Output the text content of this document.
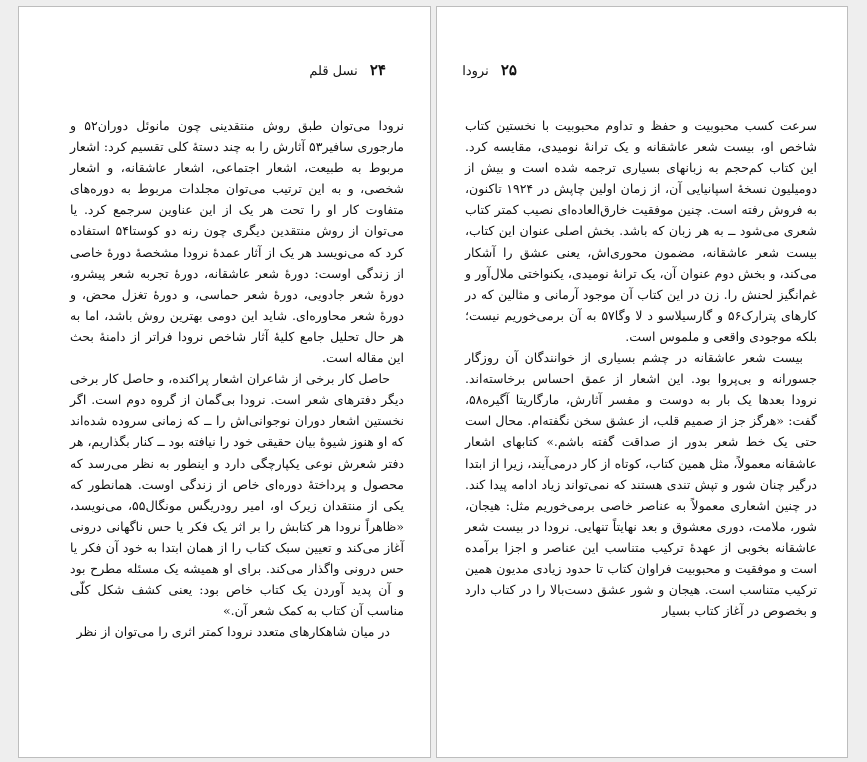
۲۴ نسل قلم

نرودا می‌توان طبق روش منتقدینی چون مانوئل دوران۵۲ و مارجوری سافیر۵۳ آثارش را به چند دستهٔ کلی تقسیم کرد: اشعار مربوط به طبیعت، اشعار اجتماعی، اشعار عاشقانه، و اشعار شخصی، و به این ترتیب می‌توان مجلدات مربوط به دوره‌های متفاوت کار او را تحت هر یک از این عناوین سرجمع کرد. یا می‌توان از روش منتقدین دیگری چون رنه دو کوستا۵۴ استفاده کرد که می‌نویسد هر یک از آثار عمدهٔ نرودا مشخصهٔ دورهٔ خاصی از زندگی اوست: دورهٔ شعر عاشقانه، دورهٔ تجربه شعر پیشرو، دورهٔ شعر جادویی، دورهٔ شعر حماسی، و دورهٔ تغزل محض، و دورهٔ شعر محاوره‌ای. شاید این دومی بهترین روش باشد، اما به هر حال تحلیل جامع کلیهٔ آثار شاخص نرودا فراتر از دامنهٔ بحث این مقاله است.

حاصل کار برخی از شاعران اشعار پراکنده، و حاصل کار برخی دیگر دفترهای شعر است. نرودا بی‌گمان از گروه دوم است. اگر نخستین اشعار دوران نوجوانی‌اش را ــ که زمانی سروده شده‌اند که او هنوز شیوهٔ بیان حقیقی خود را نیافته بود ــ کنار بگذاریم، هر دفتر شعرش نوعی یکپارچگی دارد و اینطور به نظر می‌رسد که محصول و پرداختهٔ دوره‌ای خاص از زندگی اوست. همانطور که یکی از منتقدان زیرک او، امیر رودریگس مونگال۵۵، می‌نویسد، «ظاهراً نرودا هر کتابش را بر اثر یک فکر یا حس ناگهانی درونی آغاز می‌کند و تعیین سبک کتاب را از همان ابتدا به خود آن فکر یا حس درونی واگذار می‌کند. برای او همیشه یک مسئله مطرح بود و آن پدید آوردن یک کتاب خاص بود: یعنی کشف شکل کلّی مناسب آن کتاب به کمک شعر آن.»

در میان شاهکارهای متعدد نرودا کمتر اثری را می‌توان از نظر

۲۵ نرودا

سرعت کسب محبوبیت و حفظ و تداوم محبوبیت با نخستین کتاب شاخص او، بیست شعر عاشقانه و یک ترانهٔ نومیدی، مقایسه کرد. این کتاب کم‌حجم به زبانهای بسیاری ترجمه شده است و بیش از دومیلیون نسخهٔ اسپانیایی آن، از زمان اولین چاپش در ۱۹۲۴ تاکنون، به فروش رفته است. چنین موفقیت خارق‌العاده‌ای نصیب کمتر کتاب شعری می‌شود ــ به هر زبان که باشد. بخش اصلی عنوان این کتاب، بیست شعر عاشقانه، مضمون محوری‌اش، یعنی عشق را آشکار می‌کند، و بخش دوم عنوان آن، یک ترانهٔ نومیدی، یکنواختی ملال‌آور و غم‌انگیز لحنش را. زن در این کتاب آن موجود آرمانی و مثالین که در کارهای پترارک۵۶ و گارسیلاسو د لا وگا۵۷ به آن برمی‌خوریم نیست؛ بلکه موجودی واقعی و ملموس است.

بیست شعر عاشقانه در چشم بسیاری از خوانندگان آن روزگار جسورانه و بی‌پروا بود. این اشعار از عمق احساس برخاسته‌اند. نرودا بعدها یک بار به دوست و مفسر آثارش، مارگاریتا آگیره۵۸، گفت: «هرگز جز از صمیم قلب، از عشق سخن نگفته‌ام. محال است حتی یک خط شعر بدور از صداقت گفته باشم.» کتابهای اشعار عاشقانه معمولاً، مثل همین کتاب، کوتاه از کار درمی‌آیند، زیرا از ابتدا درگیر چنان شور و تپش تندی هستند که نمی‌تواند زیاد ادامه پیدا کند. در چنین اشعاری معمولاً به عناصر خاصی برمی‌خوریم مثل: هیجان، شور، ملامت، دوری معشوق و بعد نهایتاً تنهایی. نرودا در بیست شعر عاشقانه بخوبی از عهدهٔ ترکیب متناسب این عناصر و اجزا برآمده است و موفقیت و محبوبیت فراوان کتاب تا حدود زیادی مدیون همین ترکیب متناسب است. هیجان و شور عشق دست‌بالا را در کتاب دارد و بخصوص در آغاز کتاب بسیار
